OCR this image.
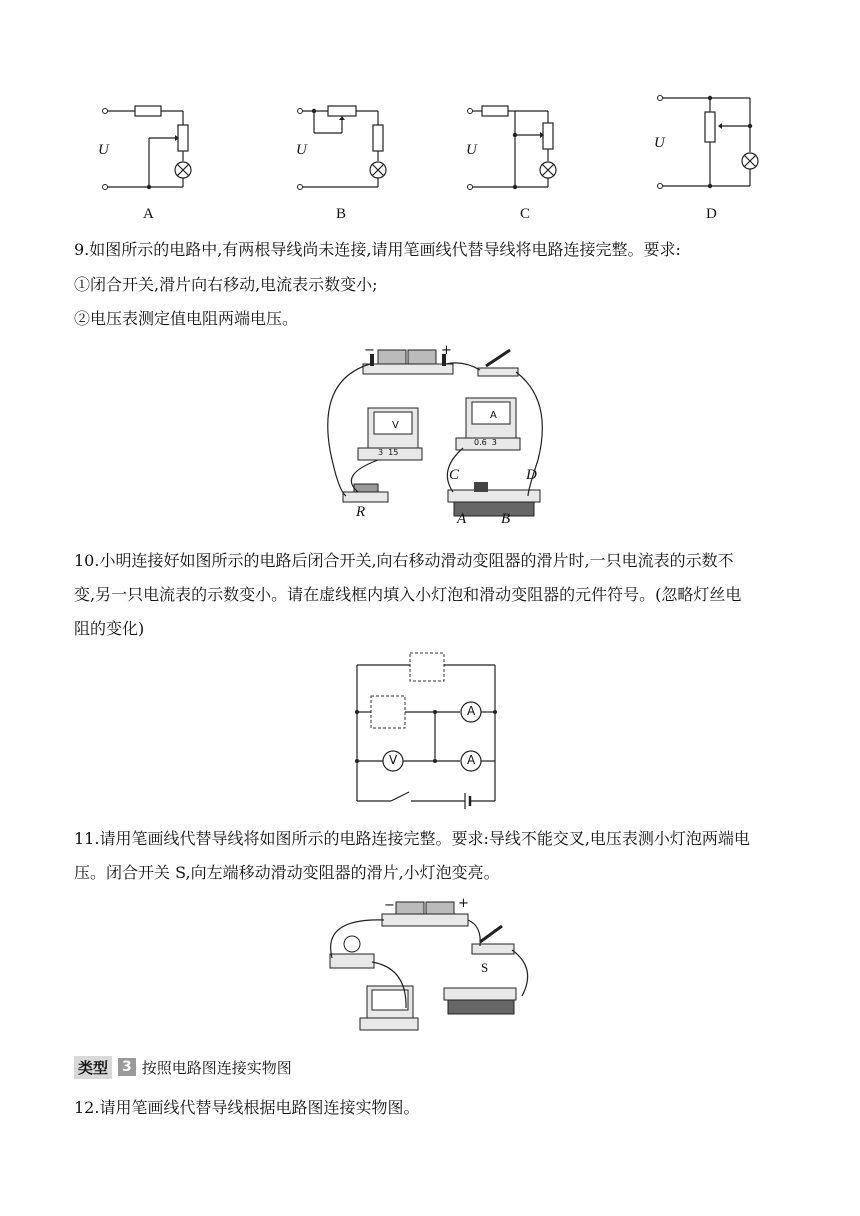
U
A
U
B
U
C
U
D
9.如图所示的电路中,有两根导线尚未连接,请用笔画线代替导线将电路连接完整。要求:
①闭合开关,滑片向右移动,电流表示数变小;
②电压表测定值电阻两端电压。
−	+
V
3  15
A
0.6  3
C	D
A B
R
10.小明连接好如图所示的电路后闭合开关,向右移动滑动变阻器的滑片时,一只电流表的示数不
变,另一只电流表的示数变小。请在虚线框内填入小灯泡和滑动变阻器的元件符号。(忽略灯丝电
阻的变化)
A
V	A
11.请用笔画线代替导线将如图所示的电路连接完整。要求:导线不能交叉,电压表测小灯泡两端电
压。闭合开关 S,向左端移动滑动变阻器的滑片,小灯泡变亮。
−	+
S
类型 3 按照电路图连接实物图
12.请用笔画线代替导线根据电路图连接实物图。
